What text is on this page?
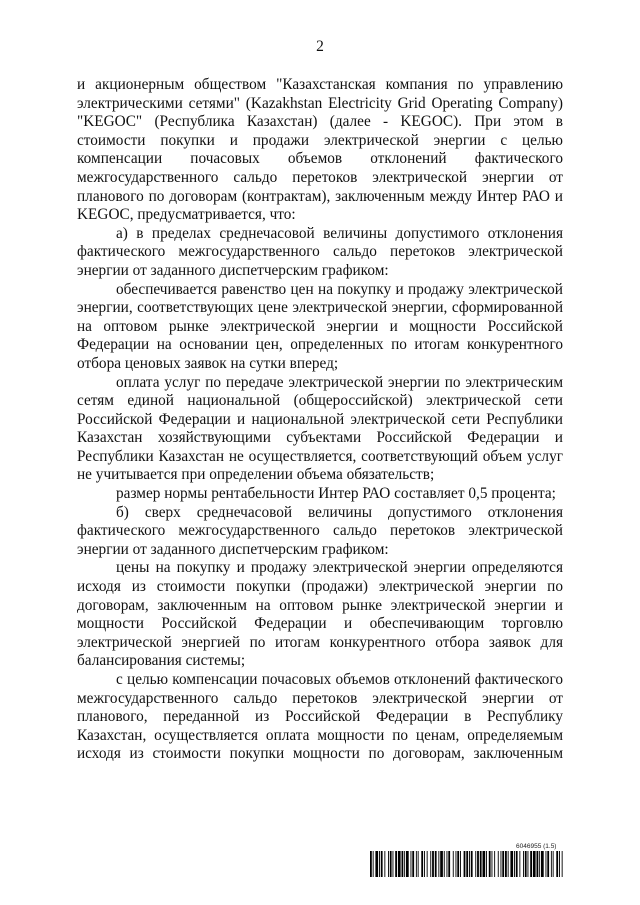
2

и акционерным обществом "Казахстанская компания по управлению электрическими сетями" (Kazakhstan Electricity Grid Operating Company) "KEGOC" (Республика Казахстан) (далее - KEGOC). При этом в стоимости покупки и продажи электрической энергии с целью компенсации почасовых объемов отклонений фактического межгосударственного сальдо перетоков электрической энергии от планового по договорам (контрактам), заключенным между Интер РАО и KEGOC, предусматривается, что:

а) в пределах среднечасовой величины допустимого отклонения фактического межгосударственного сальдо перетоков электрической энергии от заданного диспетчерским графиком:

обеспечивается равенство цен на покупку и продажу электрической энергии, соответствующих цене электрической энергии, сформированной на оптовом рынке электрической энергии и мощности Российской Федерации на основании цен, определенных по итогам конкурентного отбора ценовых заявок на сутки вперед;

оплата услуг по передаче электрической энергии по электрическим сетям единой национальной (общероссийской) электрической сети Российской Федерации и национальной электрической сети Республики Казахстан хозяйствующими субъектами Российской Федерации и Республики Казахстан не осуществляется, соответствующий объем услуг не учитывается при определении объема обязательств;

размер нормы рентабельности Интер РАО составляет 0,5 процента;

б) сверх среднечасовой величины допустимого отклонения фактического межгосударственного сальдо перетоков электрической энергии от заданного диспетчерским графиком:

цены на покупку и продажу электрической энергии определяются исходя из стоимости покупки (продажи) электрической энергии по договорам, заключенным на оптовом рынке электрической энергии и мощности Российской Федерации и обеспечивающим торговлю электрической энергией по итогам конкурентного отбора заявок для балансирования системы;

с целью компенсации почасовых объемов отклонений фактического межгосударственного сальдо перетоков электрической энергии от планового, переданной из Российской Федерации в Республику Казахстан, осуществляется оплата мощности по ценам, определяемым исходя из стоимости покупки мощности по договорам, заключенным

6046955 (1.5)
